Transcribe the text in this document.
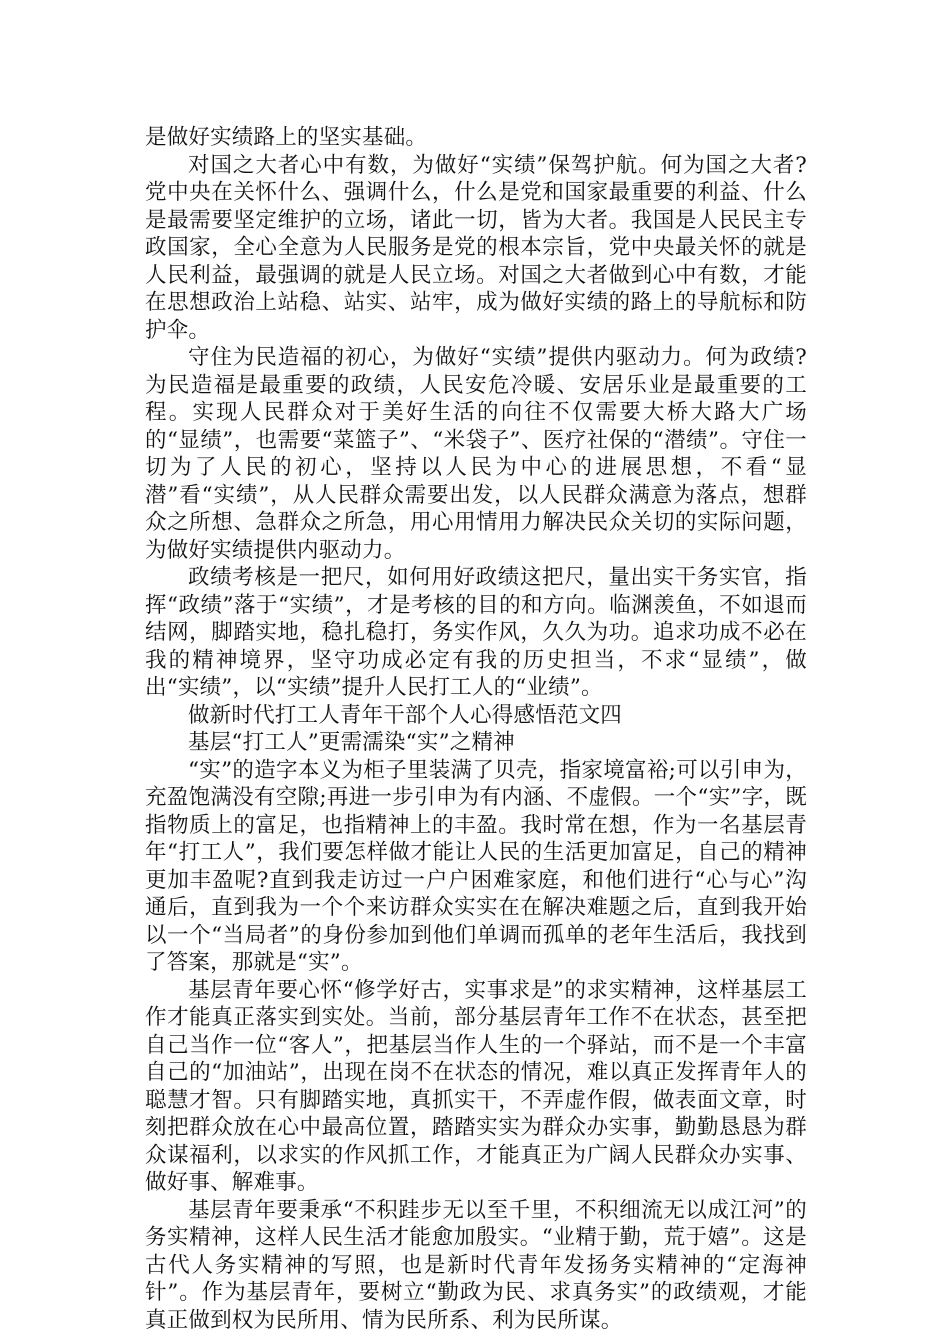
是做好实绩路上的坚实基础。

对国之大者心中有数，为做好“实绩”保驾护航。何为国之大者?党中央在关怀什么、强调什么，什么是党和国家最重要的利益、什么是最需要坚定维护的立场，诸此一切，皆为大者。我国是人民民主专政国家，全心全意为人民服务是党的根本宗旨，党中央最关怀的就是人民利益，最强调的就是人民立场。对国之大者做到心中有数，才能在思想政治上站稳、站实、站牢，成为做好实绩的路上的导航标和防护伞。

守住为民造福的初心，为做好“实绩”提供内驱动力。何为政绩?为民造福是最重要的政绩，人民安危冷暖、安居乐业是最重要的工程。实现人民群众对于美好生活的向往不仅需要大桥大路大广场的“显绩”，也需要“菜篮子”、“米袋子”、医疗社保的“潜绩”。守住一切为了人民的初心，坚持以人民为中心的进展思想，不看“显潜”看“实绩”，从人民群众需要出发，以人民群众满意为落点，想群众之所想、急群众之所急，用心用情用力解决民众关切的实际问题，为做好实绩提供内驱动力。

政绩考核是一把尺，如何用好政绩这把尺，量出实干务实官，指挥“政绩”落于“实绩”，才是考核的目的和方向。临渊羡鱼，不如退而结网，脚踏实地，稳扎稳打，务实作风，久久为功。追求功成不必在我的精神境界，坚守功成必定有我的历史担当，不求“显绩”，做出“实绩”，以“实绩”提升人民打工人的“业绩”。

做新时代打工人青年干部个人心得感悟范文四

基层“打工人”更需濡染“实”之精神

“实”的造字本义为柜子里装满了贝壳，指家境富裕;可以引申为，充盈饱满没有空隙;再进一步引申为有内涵、不虚假。一个“实”字，既指物质上的富足，也指精神上的丰盈。我时常在想，作为一名基层青年“打工人”，我们要怎样做才能让人民的生活更加富足，自己的精神更加丰盈呢?直到我走访过一户户困难家庭，和他们进行“心与心”沟通后，直到我为一个个来访群众实实在在解决难题之后，直到我开始以一个“当局者”的身份参加到他们单调而孤单的老年生活后，我找到了答案，那就是“实”。

基层青年要心怀“修学好古，实事求是”的求实精神，这样基层工作才能真正落实到实处。当前，部分基层青年工作不在状态，甚至把自己当作一位“客人”，把基层当作人生的一个驿站，而不是一个丰富自己的“加油站”，出现在岗不在状态的情况，难以真正发挥青年人的聪慧才智。只有脚踏实地，真抓实干，不弄虚作假，做表面文章，时刻把群众放在心中最高位置，踏踏实实为群众办实事，勤勤恳恳为群众谋福利，以求实的作风抓工作，才能真正为广阔人民群众办实事、做好事、解难事。

基层青年要秉承“不积跬步无以至千里，不积细流无以成江河”的务实精神，这样人民生活才能愈加殷实。“业精于勤，荒于嬉”。这是古代人务实精神的写照，也是新时代青年发扬务实精神的“定海神针”。作为基层青年，要树立“勤政为民、求真务实”的政绩观，才能真正做到权为民所用、情为民所系、利为民所谋。
